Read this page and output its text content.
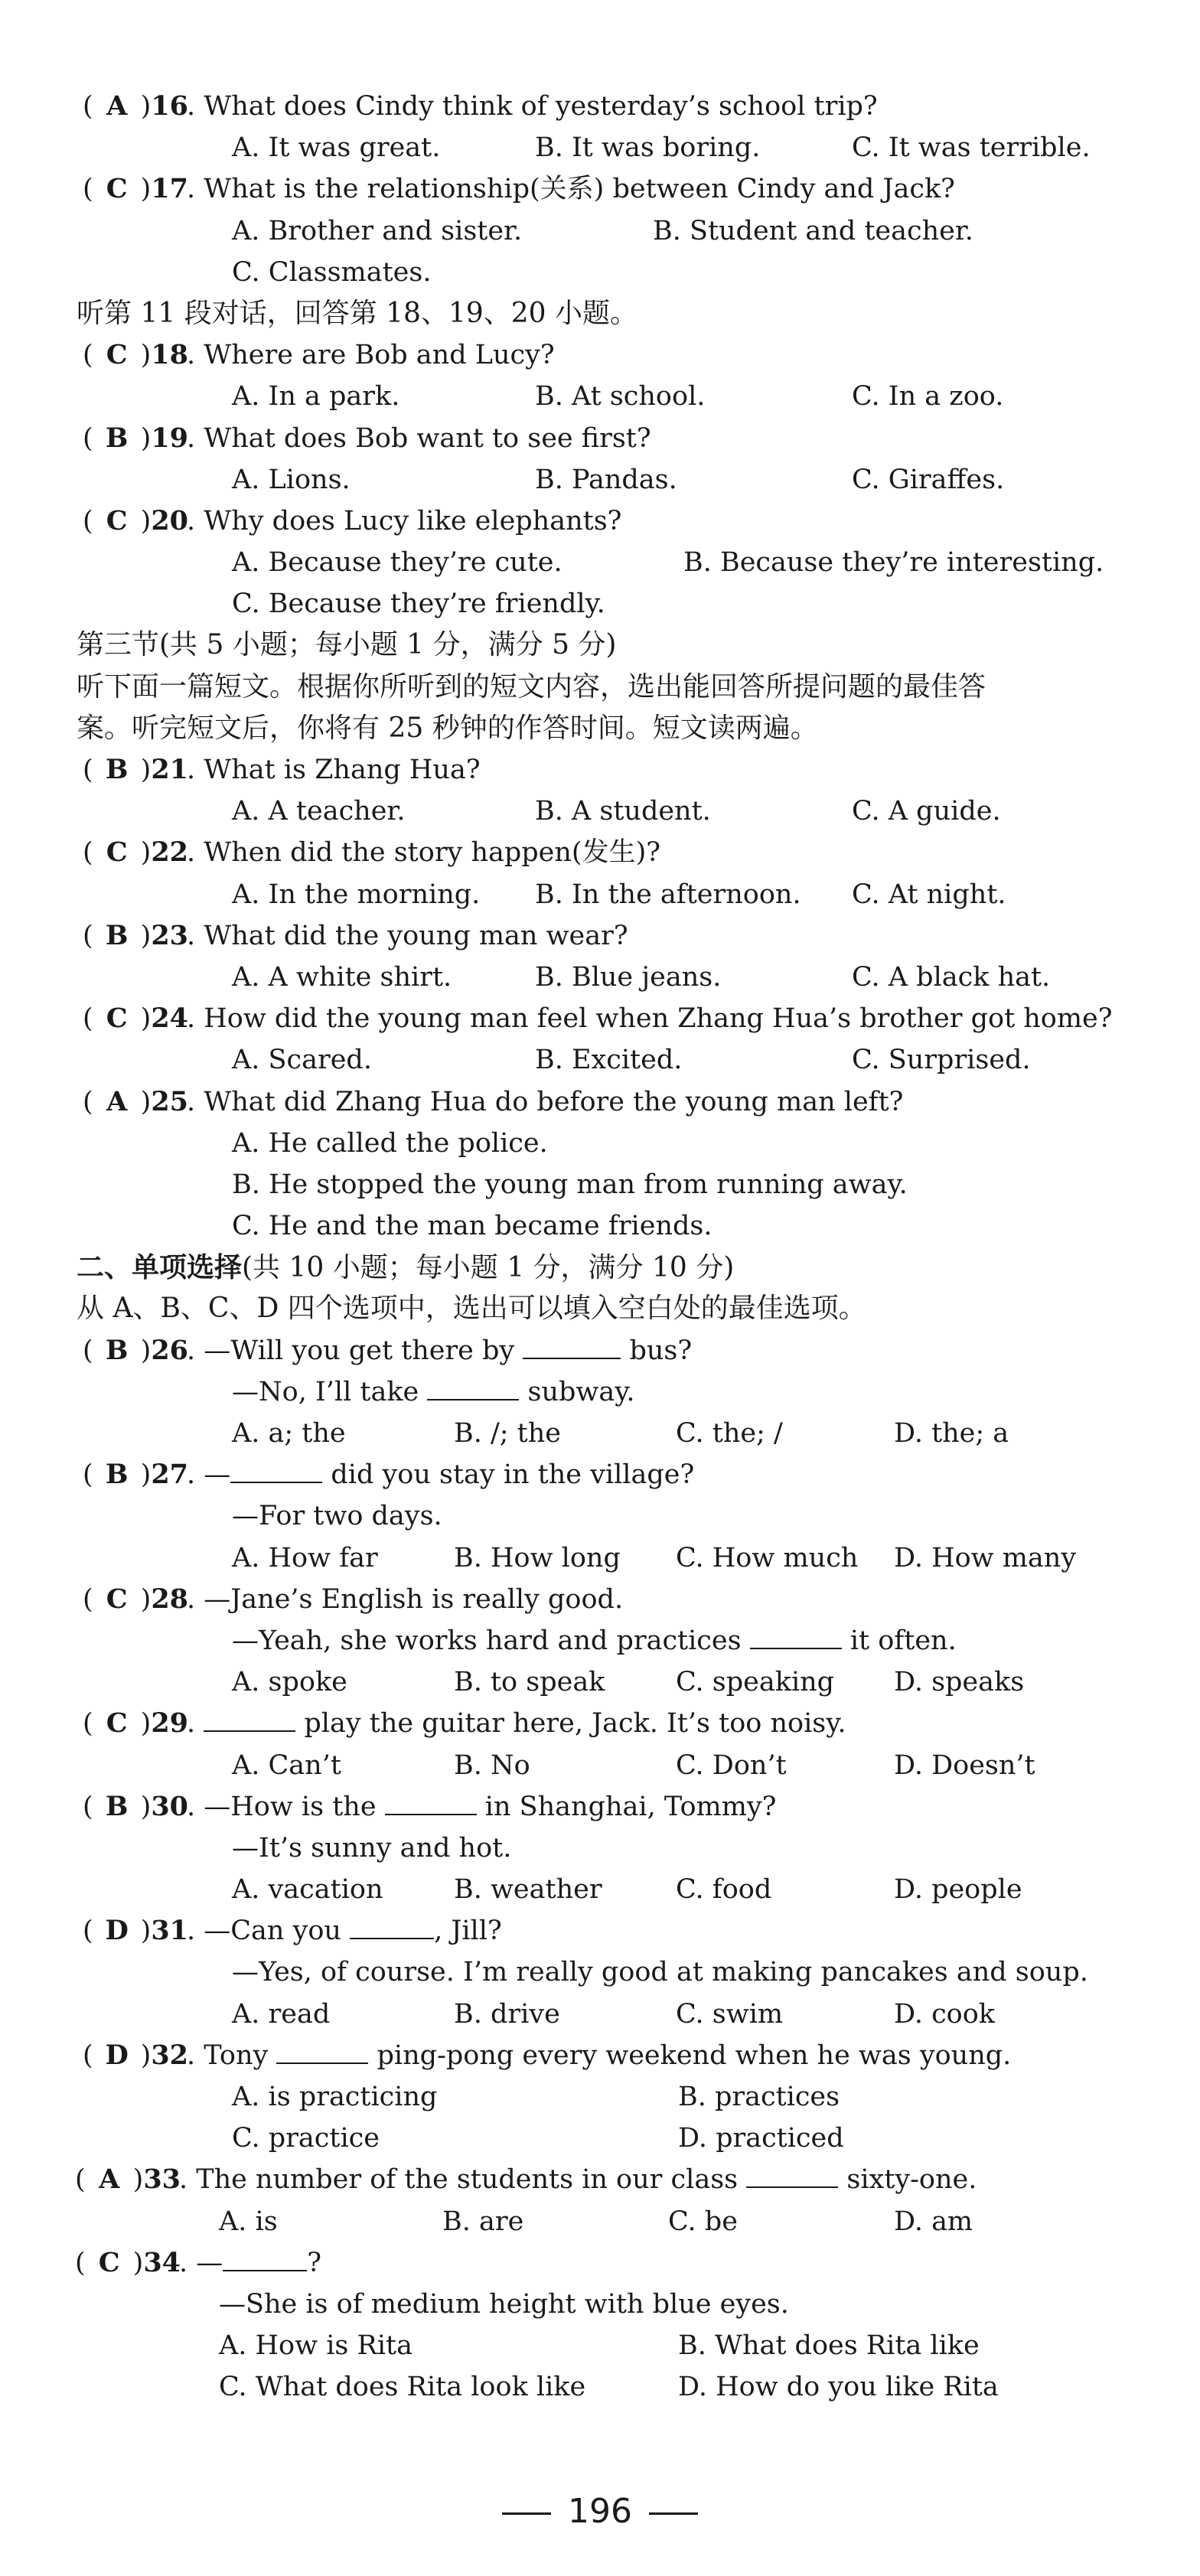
( A )16
. What does Cindy think of yesterday’s school trip?
A. It was great.	B. It was boring.	C. It was terrible.
( C )17
. What is the relationship(关系) between Cindy and Jack?
A. Brother and sister.	B. Student and teacher.
C. Classmates.
听第 11 段对话，回答第 18、19、20 小题。
( C )18
. Where are Bob and Lucy?
A. In a park.	B. At school.	C. In a zoo.
( B )19
. What does Bob want to see first?
A. Lions.	B. Pandas.	C. Giraffes.
( C )20
. Why does Lucy like elephants?
A. Because they’re cute.	B. Because they’re interesting.
C. Because they’re friendly.
第三节(共 5 小题；每小题 1 分，满分 5 分)
听下面一篇短文。根据你所听到的短文内容，选出能回答所提问题的最佳答
案。听完短文后，你将有 25 秒钟的作答时间。短文读两遍。
( B )21
. What is Zhang Hua?
A. A teacher.	B. A student.	C. A guide.
( C )22
. When did the story happen(发生)?
A. In the morning. B. In the afternoon. C. At night.
( B )23
. What did the young man wear?
A. A white shirt.	B. Blue jeans.	C. A black hat.
( C )24
. How did the young man feel when Zhang Hua’s brother got home?
A. Scared.	B. Excited.	C. Surprised.
( A )25
. What did Zhang Hua do before the young man left?
A. He called the police.
B. He stopped the young man from running away.
C. He and the man became friends.
二、单项选择(共 10 小题；每小题 1 分，满分 10 分)
从 A、B、C、D 四个选项中，选出可以填入空白处的最佳选项。
( B )26
. —Will you get there by	bus?
—No, I’ll take	subway.
A. a; the	B. /; the	C. the; /	D. the; a
( B )27
. —	did you stay in the village?
—For two days.
A. How far	B. How long C. How much D. How many
( C )28
. —Jane’s English is really good.
—Yeah, she works hard and practices	it often.
A. spoke	B. to speak	C. speaking D. speaks
( C )29
.	play the guitar here, Jack. It’s too noisy.
A. Can’t	B. No	C. Don’t	D. Doesn’t
( B )30
. —How is the	in Shanghai, Tommy?
—It’s sunny and hot.
A. vacation	B. weather	C. food	D. people
( D )31
. —Can you	, Jill?
—Yes, of course. I’m really good at making pancakes and soup.
A. read	B. drive	C. swim	D. cook
( D )32
. Tony	ping-pong every weekend when he was young.
A. is practicing	B. practices
C. practice	D. practiced
( A )33
. The number of the students in our class	sixty-one.
A. is	B. are	C. be	D. am
( C )34
. —	?
—She is of medium height with blue eyes.
A. How is Rita	B. What does Rita like
C. What does Rita look like	D. How do you like Rita
196
